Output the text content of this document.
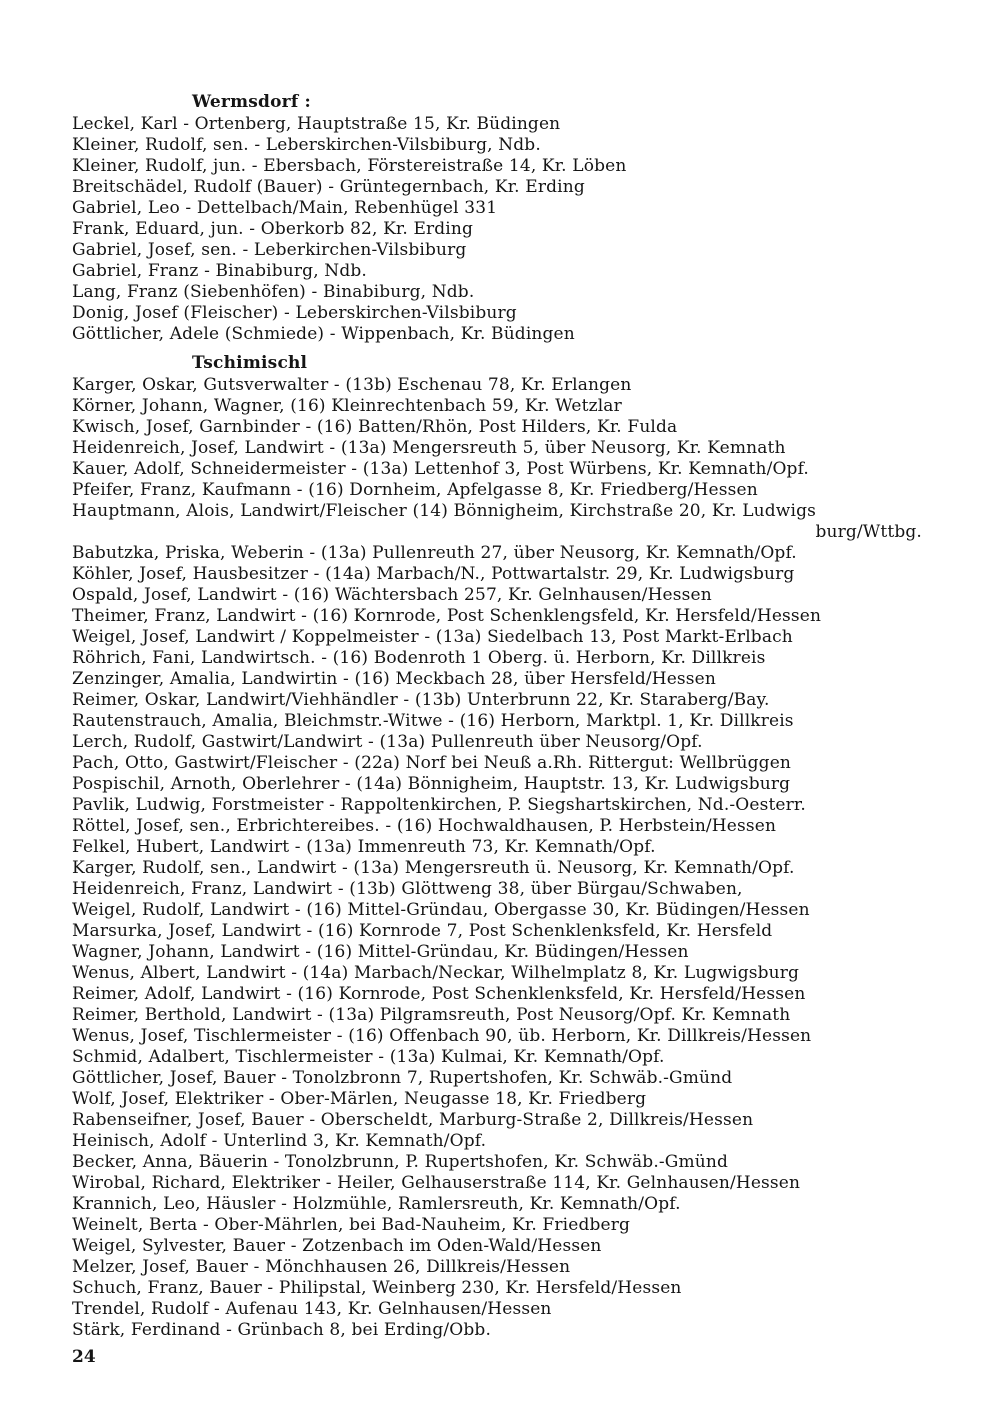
Wermsdorf :
Leckel, Karl - Ortenberg, Hauptstraße 15, Kr. Büdingen
Kleiner, Rudolf, sen. - Leberskirchen-Vilsbiburg, Ndb.
Kleiner, Rudolf, jun. - Ebersbach, Förstereistraße 14, Kr. Löben
Breitschädel, Rudolf (Bauer) - Grüntegernbach, Kr. Erding
Gabriel, Leo - Dettelbach/Main, Rebenhügel 331
Frank, Eduard, jun. - Oberkorb 82, Kr. Erding
Gabriel, Josef, sen. - Leberkirchen-Vilsbiburg
Gabriel, Franz - Binabiburg, Ndb.
Lang, Franz (Siebenhöfen) - Binabiburg, Ndb.
Donig, Josef (Fleischer) - Leberskirchen-Vilsbiburg
Göttlicher, Adele (Schmiede) - Wippenbach, Kr. Büdingen
Tschimischl
Karger, Oskar, Gutsverwalter - (13b) Eschenau 78, Kr. Erlangen
Körner, Johann, Wagner, (16) Kleinrechtenbach 59, Kr. Wetzlar
Kwisch, Josef, Garnbinder - (16) Batten/Rhön, Post Hilders, Kr. Fulda
Heidenreich, Josef, Landwirt - (13a) Mengersreuth 5, über Neusorg, Kr. Kemnath
Kauer, Adolf, Schneidermeister - (13a) Lettenhof 3, Post Würbens, Kr. Kemnath/Opf.
Pfeifer, Franz, Kaufmann - (16) Dornheim, Apfelgasse 8, Kr. Friedberg/Hessen
Hauptmann, Alois, Landwirt/Fleischer (14) Bönnigheim, Kirchstraße 20, Kr. Ludwigs
burg/Wttbg.
Babutzka, Priska, Weberin - (13a) Pullenreuth 27, über Neusorg, Kr. Kemnath/Opf.
Köhler, Josef, Hausbesitzer - (14a) Marbach/N., Pottwartalstr. 29, Kr. Ludwigsburg
Ospald, Josef, Landwirt - (16) Wächtersbach 257, Kr. Gelnhausen/Hessen
Theimer, Franz, Landwirt - (16) Kornrode, Post Schenklengsfeld, Kr. Hersfeld/Hessen
Weigel, Josef, Landwirt / Koppelmeister - (13a) Siedelbach 13, Post Markt-Erlbach
Röhrich, Fani, Landwirtsch. - (16) Bodenroth 1 Oberg. ü. Herborn, Kr. Dillkreis
Zenzinger, Amalia, Landwirtin - (16) Meckbach 28, über Hersfeld/Hessen
Reimer, Oskar, Landwirt/Viehhändler - (13b) Unterbrunn 22, Kr. Staraberg/Bay.
Rautenstrauch, Amalia, Bleichmstr.-Witwe - (16) Herborn, Marktpl. 1, Kr. Dillkreis
Lerch, Rudolf, Gastwirt/Landwirt - (13a) Pullenreuth über Neusorg/Opf.
Pach, Otto, Gastwirt/Fleischer - (22a) Norf bei Neuß a.Rh. Rittergut: Wellbrüggen
Pospischil, Arnoth, Oberlehrer - (14a) Bönnigheim, Hauptstr. 13, Kr. Ludwigsburg
Pavlik, Ludwig, Forstmeister - Rappoltenkirchen, P. Siegshartskirchen, Nd.-Oesterr.
Röttel, Josef, sen., Erbrichtereibes. - (16) Hochwaldhausen, P. Herbstein/Hessen
Felkel, Hubert, Landwirt - (13a) Immenreuth 73, Kr. Kemnath/Opf.
Karger, Rudolf, sen., Landwirt - (13a) Mengersreuth ü. Neusorg, Kr. Kemnath/Opf.
Heidenreich, Franz, Landwirt - (13b) Glöttweng 38, über Bürgau/Schwaben,
Weigel, Rudolf, Landwirt - (16) Mittel-Gründau, Obergasse 30, Kr. Büdingen/Hessen
Marsurka, Josef, Landwirt - (16) Kornrode 7, Post Schenklenksfeld, Kr. Hersfeld
Wagner, Johann, Landwirt - (16) Mittel-Gründau, Kr. Büdingen/Hessen
Wenus, Albert, Landwirt - (14a) Marbach/Neckar, Wilhelmplatz 8, Kr. Lugwigsburg
Reimer, Adolf, Landwirt - (16) Kornrode, Post Schenklenksfeld, Kr. Hersfeld/Hessen
Reimer, Berthold, Landwirt - (13a) Pilgramsreuth, Post Neusorg/Opf. Kr. Kemnath
Wenus, Josef, Tischlermeister - (16) Offenbach 90, üb. Herborn, Kr. Dillkreis/Hessen
Schmid, Adalbert, Tischlermeister - (13a) Kulmai, Kr. Kemnath/Opf.
Göttlicher, Josef, Bauer - Tonolzbronn 7, Rupertshofen, Kr. Schwäb.-Gmünd
Wolf, Josef, Elektriker - Ober-Märlen, Neugasse 18, Kr. Friedberg
Rabenseifner, Josef, Bauer - Oberscheldt, Marburg-Straße 2, Dillkreis/Hessen
Heinisch, Adolf - Unterlind 3, Kr. Kemnath/Opf.
Becker, Anna, Bäuerin - Tonolzbrunn, P. Rupertshofen, Kr. Schwäb.-Gmünd
Wirobal, Richard, Elektriker - Heiler, Gelhauserstraße 114, Kr. Gelnhausen/Hessen
Krannich, Leo, Häusler - Holzmühle, Ramlersreuth, Kr. Kemnath/Opf.
Weinelt, Berta - Ober-Mährlen, bei Bad-Nauheim, Kr. Friedberg
Weigel, Sylvester, Bauer - Zotzenbach im Oden-Wald/Hessen
Melzer, Josef, Bauer - Mönchhausen 26, Dillkreis/Hessen
Schuch, Franz, Bauer - Philipstal, Weinberg 230, Kr. Hersfeld/Hessen
Trendel, Rudolf - Aufenau 143, Kr. Gelnhausen/Hessen
Stärk, Ferdinand - Grünbach 8, bei Erding/Obb.
24
